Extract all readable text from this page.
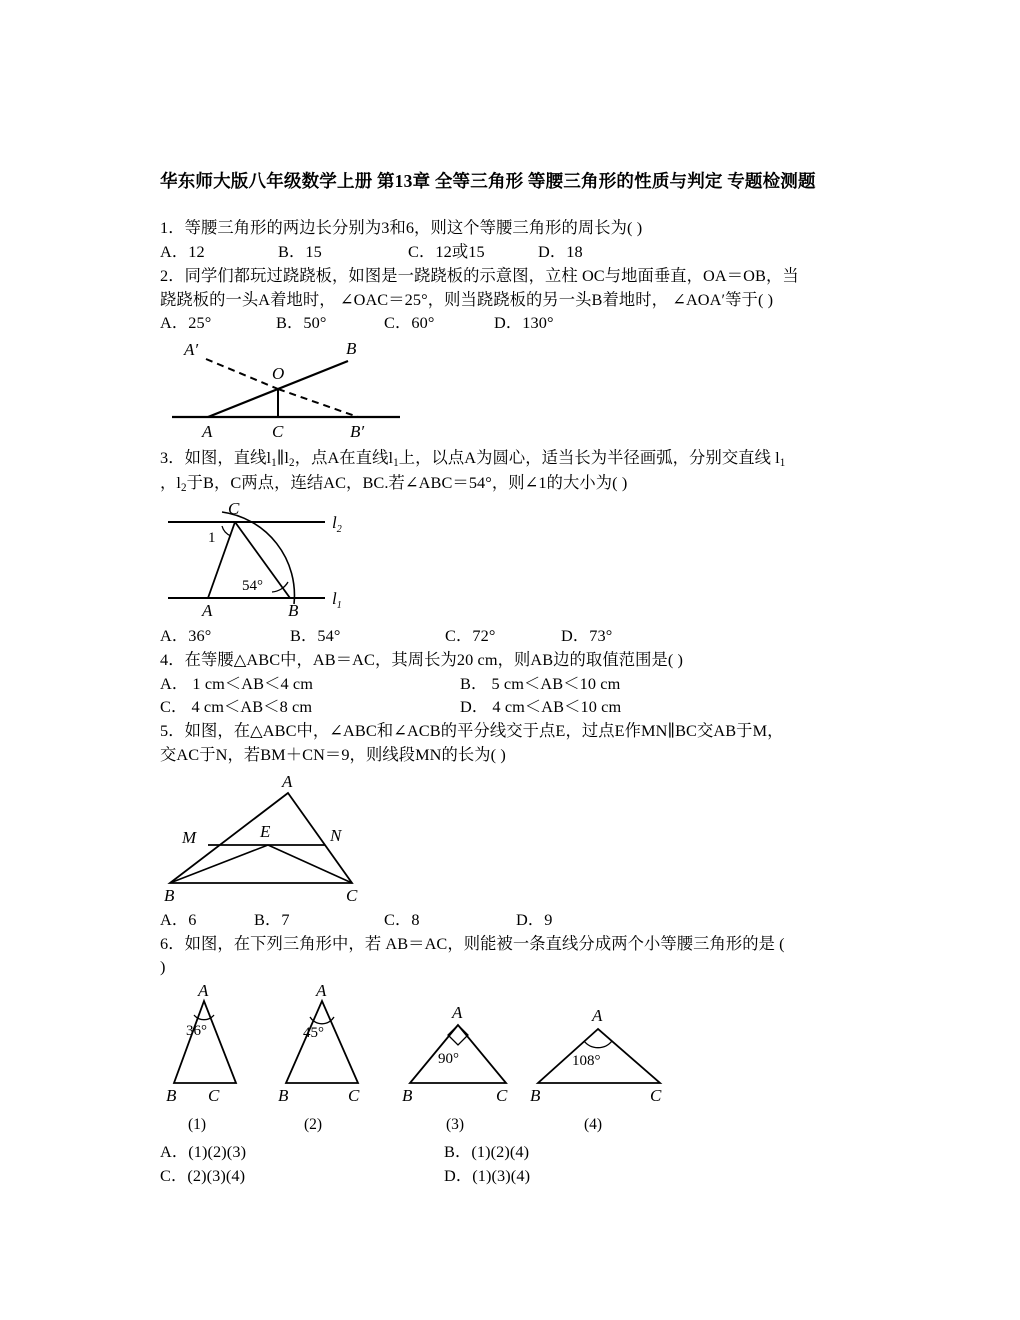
华东师大版八年级数学上册 第13章 全等三角形 等腰三角形的性质与判定 专题检测题
1．等腰三角形的两边长分别为3和6，则这个等腰三角形的周长为( )
A．12	B．15	C．12或15	D．18
2．同学们都玩过跷跷板，如图是一跷跷板的示意图，立柱 OC与地面垂直，OA＝OB，当
跷跷板的一头A着地时， ∠OAC＝25°，则当跷跷板的另一头B着地时， ∠AOA′等于( )
A．25°	B．50°	C．60°	D．130°
A′
O
B
A	C	B′
3．如图，直线$l_1\parallel l_2$，点A在直线$l_1$上，以点A为圆心，适当长为半径画弧，分别交直线 $l_1$
，$l_2$于B，C两点，连结AC，BC.若∠ABC＝54°，则∠1的大小为( )
C
1
$l_2$
54°
A	B
$l_1$
A．36°	B．54°	C．72°	D．73°
4．在等腰△ABC中，AB＝AC，其周长为20 cm，则AB边的取值范围是( )
A． 1 cm＜AB＜4 cm	B． 5 cm＜AB＜10 cm
C． 4 cm＜AB＜8 cm	D． 4 cm＜AB＜10 cm
5．如图，在△ABC中，∠ABC和∠ACB的平分线交于点E，过点E作MN∥BC交AB于M，
交AC于N，若BM＋CN＝9，则线段MN的长为( )
A
M	E	N
B	C
A．6	B．7	C．8	D．9
6．如图，在下列三角形中，若 AB＝AC，则能被一条直线分成两个小等腰三角形的是 (
)
A
36°
B C
(1)
A
45°
B	C
(2)
A
90°
B	C
(3)
A
108°
B	C
(4)
A．(1)(2)(3)	B．(1)(2)(4)
C．(2)(3)(4)	D．(1)(3)(4)
